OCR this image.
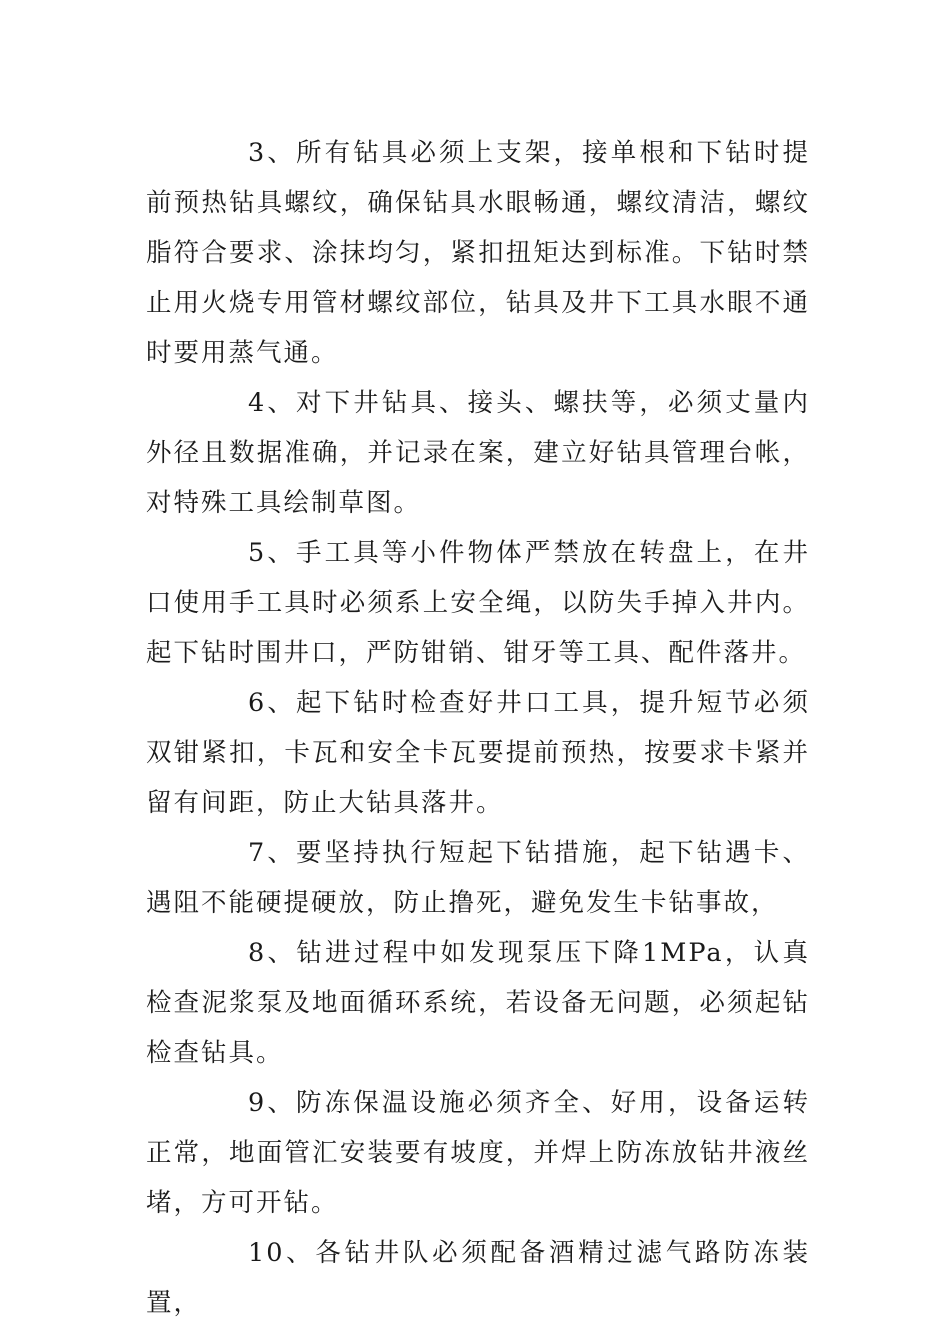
3、所有钻具必须上支架，接单根和下钻时提前预热钻具螺纹，确保钻具水眼畅通，螺纹清洁，螺纹脂符合要求、涂抹均匀，紧扣扭矩达到标准。下钻时禁止用火烧专用管材螺纹部位，钻具及井下工具水眼不通时要用蒸气通。

4、对下井钻具、接头、螺扶等，必须丈量内外径且数据准确，并记录在案，建立好钻具管理台帐，对特殊工具绘制草图。

5、手工具等小件物体严禁放在转盘上，在井口使用手工具时必须系上安全绳，以防失手掉入井内。起下钻时围井口，严防钳销、钳牙等工具、配件落井。

6、起下钻时检查好井口工具，提升短节必须双钳紧扣，卡瓦和安全卡瓦要提前预热，按要求卡紧并留有间距，防止大钻具落井。

7、要坚持执行短起下钻措施，起下钻遇卡、遇阻不能硬提硬放，防止撸死，避免发生卡钻事故，

8、钻进过程中如发现泵压下降1MPa，认真检查泥浆泵及地面循环系统，若设备无问题，必须起钻检查钻具。

9、防冻保温设施必须齐全、好用，设备运转正常，地面管汇安装要有坡度，并焊上防冻放钻井液丝堵，方可开钻。

10、各钻井队必须配备酒精过滤气路防冻装置，
